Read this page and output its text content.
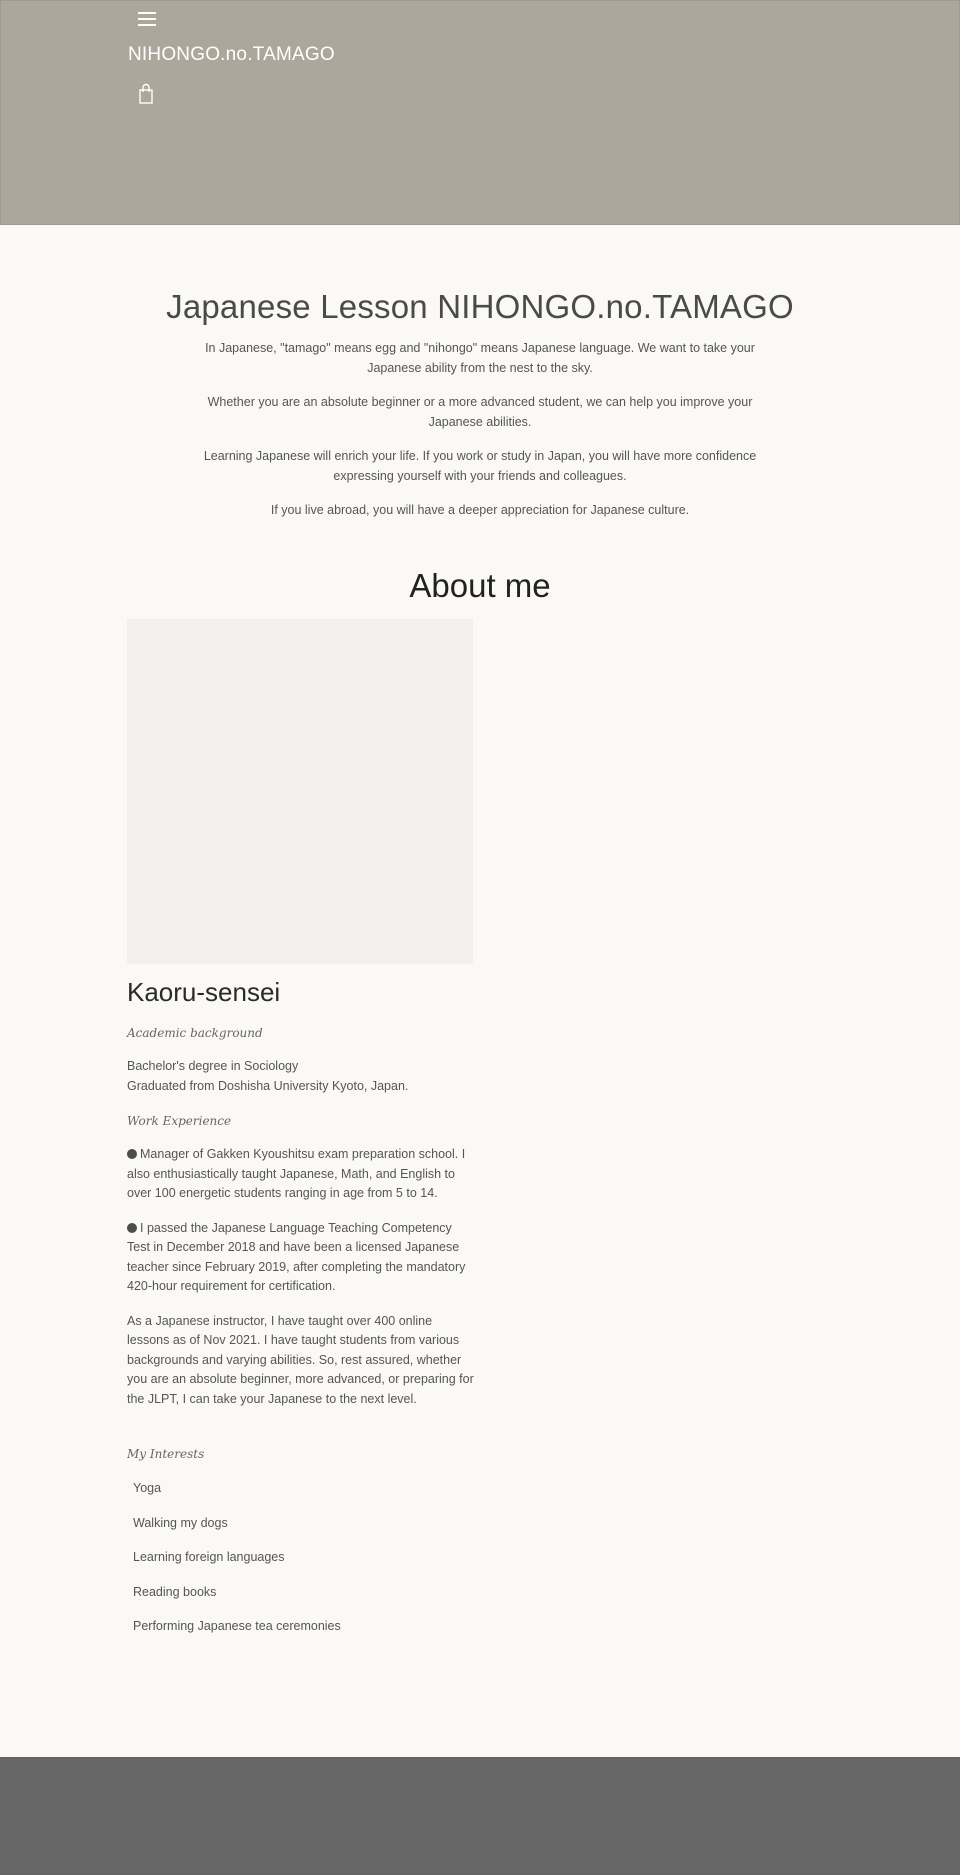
NIHONGO.no.TAMAGO
Japanese Lesson NIHONGO.no.TAMAGO

In Japanese, "tamago" means egg and "nihongo" means Japanese language. We want to take your Japanese ability from the nest to the sky.

Whether you are an absolute beginner or a more advanced student, we can help you improve your Japanese abilities.

Learning Japanese will enrich your life. If you work or study in Japan, you will have more confidence expressing yourself with your friends and colleagues.

If you live abroad, you will have a deeper appreciation for Japanese culture.

About me
Kaoru-sensei

Academic background

Bachelor's degree in Sociology

Graduated from Doshisha University Kyoto, Japan.

Work Experience

Manager of Gakken Kyoushitsu exam preparation school. I also enthusiastically taught Japanese, Math, and English to over 100 energetic students ranging in age from 5 to 14.

I passed the Japanese Language Teaching Competency Test in December 2018 and have been a licensed Japanese teacher since February 2019, after completing the mandatory 420-hour requirement for certification.

As a Japanese instructor, I have taught over 400 online lessons as of Nov 2021. I have taught students from various backgrounds and varying abilities. So, rest assured, whether you are an absolute beginner, more advanced, or preparing for the JLPT, I can take your Japanese to the next level.

My Interests

Yoga
Walking my dogs
Learning foreign languages
Reading books
Performing Japanese tea ceremonies
